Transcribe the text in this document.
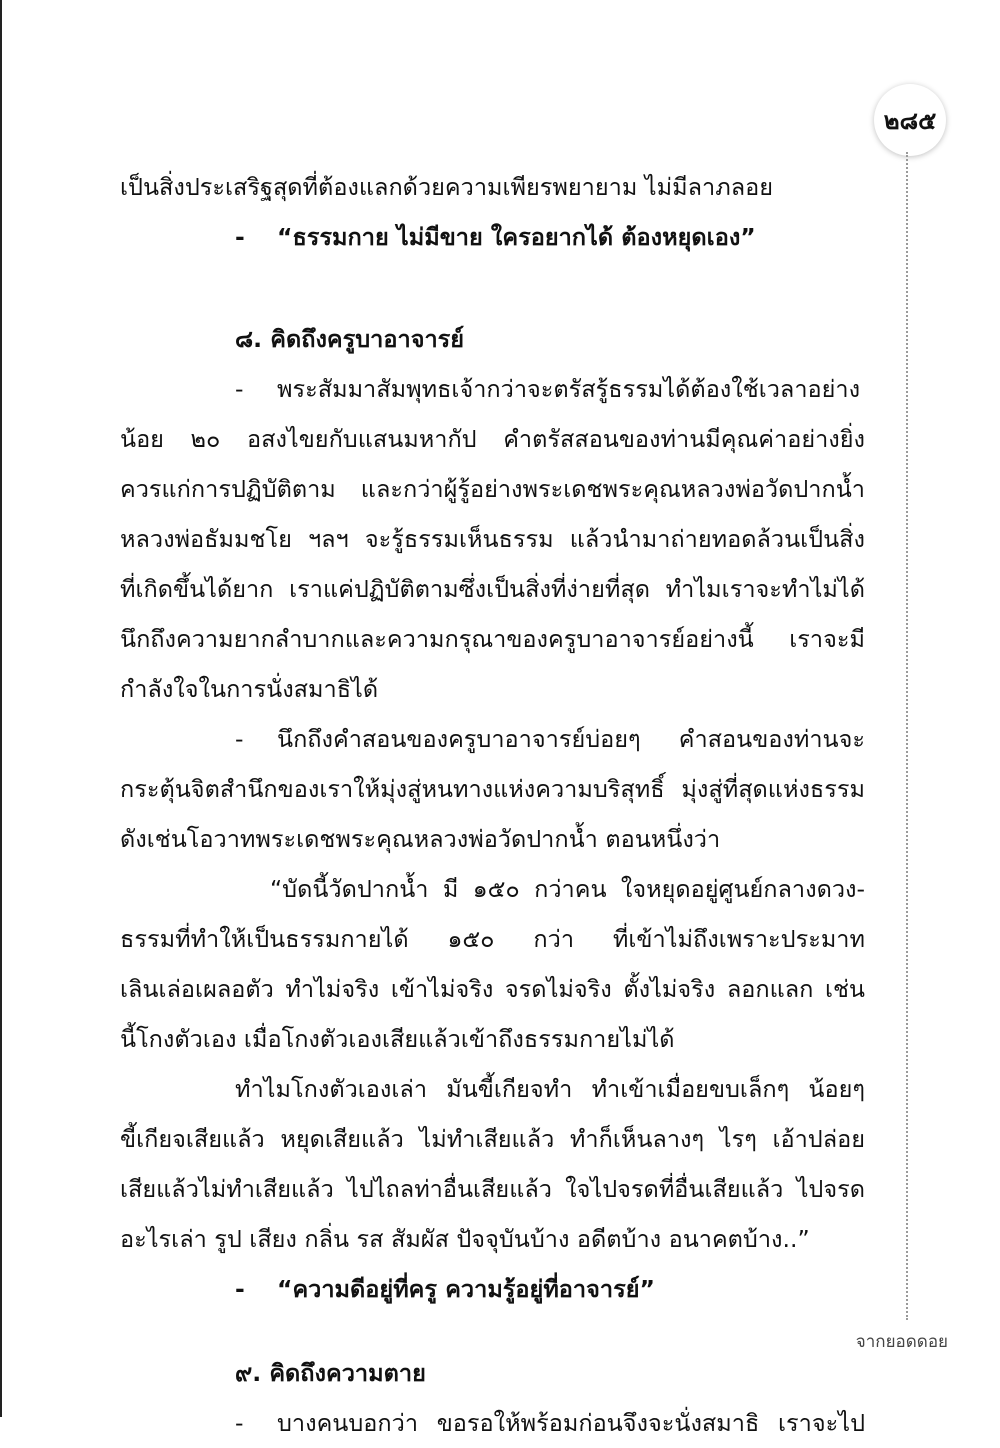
๒๘๕
เป็นสิ่งประเสริฐสุดที่ต้องแลกด้วยความเพียรพยายาม ไม่มีลาภลอย
- “ธรรมกาย ไม่มีขาย ใครอยากได้ ต้องหยุดเอง”
๘. คิดถึงครูบาอาจารย์
- พระสัมมาสัมพุทธเจ้ากว่าจะตรัสรู้ธรรมได้ต้องใช้เวลาอย่าง
น้อย ๒๐ อสงไขยกับแสนมหากัป คำตรัสสอนของท่านมีคุณค่าอย่างยิ่ง
ควรแก่การปฏิบัติตาม และกว่าผู้รู้อย่างพระเดชพระคุณหลวงพ่อวัดปากน้ำ
หลวงพ่อธัมมชโย ฯลฯ จะรู้ธรรมเห็นธรรม แล้วนำมาถ่ายทอดล้วนเป็นสิ่ง
ที่เกิดขึ้นได้ยาก เราแค่ปฏิบัติตามซึ่งเป็นสิ่งที่ง่ายที่สุด ทำไมเราจะทำไม่ได้
นึกถึงความยากลำบากและความกรุณาของครูบาอาจารย์อย่างนี้ เราจะมี
กำลังใจในการนั่งสมาธิได้
- นึกถึงคำสอนของครูบาอาจารย์บ่อยๆ คำสอนของท่านจะ
กระตุ้นจิตสำนึกของเราให้มุ่งสู่หนทางแห่งความบริสุทธิ์ มุ่งสู่ที่สุดแห่งธรรม
ดังเช่นโอวาทพระเดชพระคุณหลวงพ่อวัดปากน้ำ ตอนหนึ่งว่า
“บัดนี้วัดปากน้ำ มี ๑๕๐ กว่าคน ใจหยุดอยู่ศูนย์กลางดวง-
ธรรมที่ทำให้เป็นธรรมกายได้ ๑๕๐ กว่า ที่เข้าไม่ถึงเพราะประมาท
เลินเล่อเผลอตัว ทำไม่จริง เข้าไม่จริง จรดไม่จริง ตั้งไม่จริง ลอกแลก เช่น
นี้โกงตัวเอง เมื่อโกงตัวเองเสียแล้วเข้าถึงธรรมกายไม่ได้
ทำไมโกงตัวเองเล่า มันขี้เกียจทำ ทำเข้าเมื่อยขบเล็กๆ น้อยๆ
ขี้เกียจเสียแล้ว หยุดเสียแล้ว ไม่ทำเสียแล้ว ทำก็เห็นลางๆ ไรๆ เอ้าปล่อย
เสียแล้วไม่ทำเสียแล้ว ไปไถลท่าอื่นเสียแล้ว ใจไปจรดที่อื่นเสียแล้ว ไปจรด
อะไรเล่า รูป เสียง กลิ่น รส สัมผัส ปัจจุบันบ้าง อดีตบ้าง อนาคตบ้าง..”
- “ความดีอยู่ที่ครู ความรู้อยู่ที่อาจารย์”
๙. คิดถึงความตาย
- บางคนบอกว่า ขอรอให้พร้อมก่อนจึงจะนั่งสมาธิ เราจะไป
จากยอดดอย
